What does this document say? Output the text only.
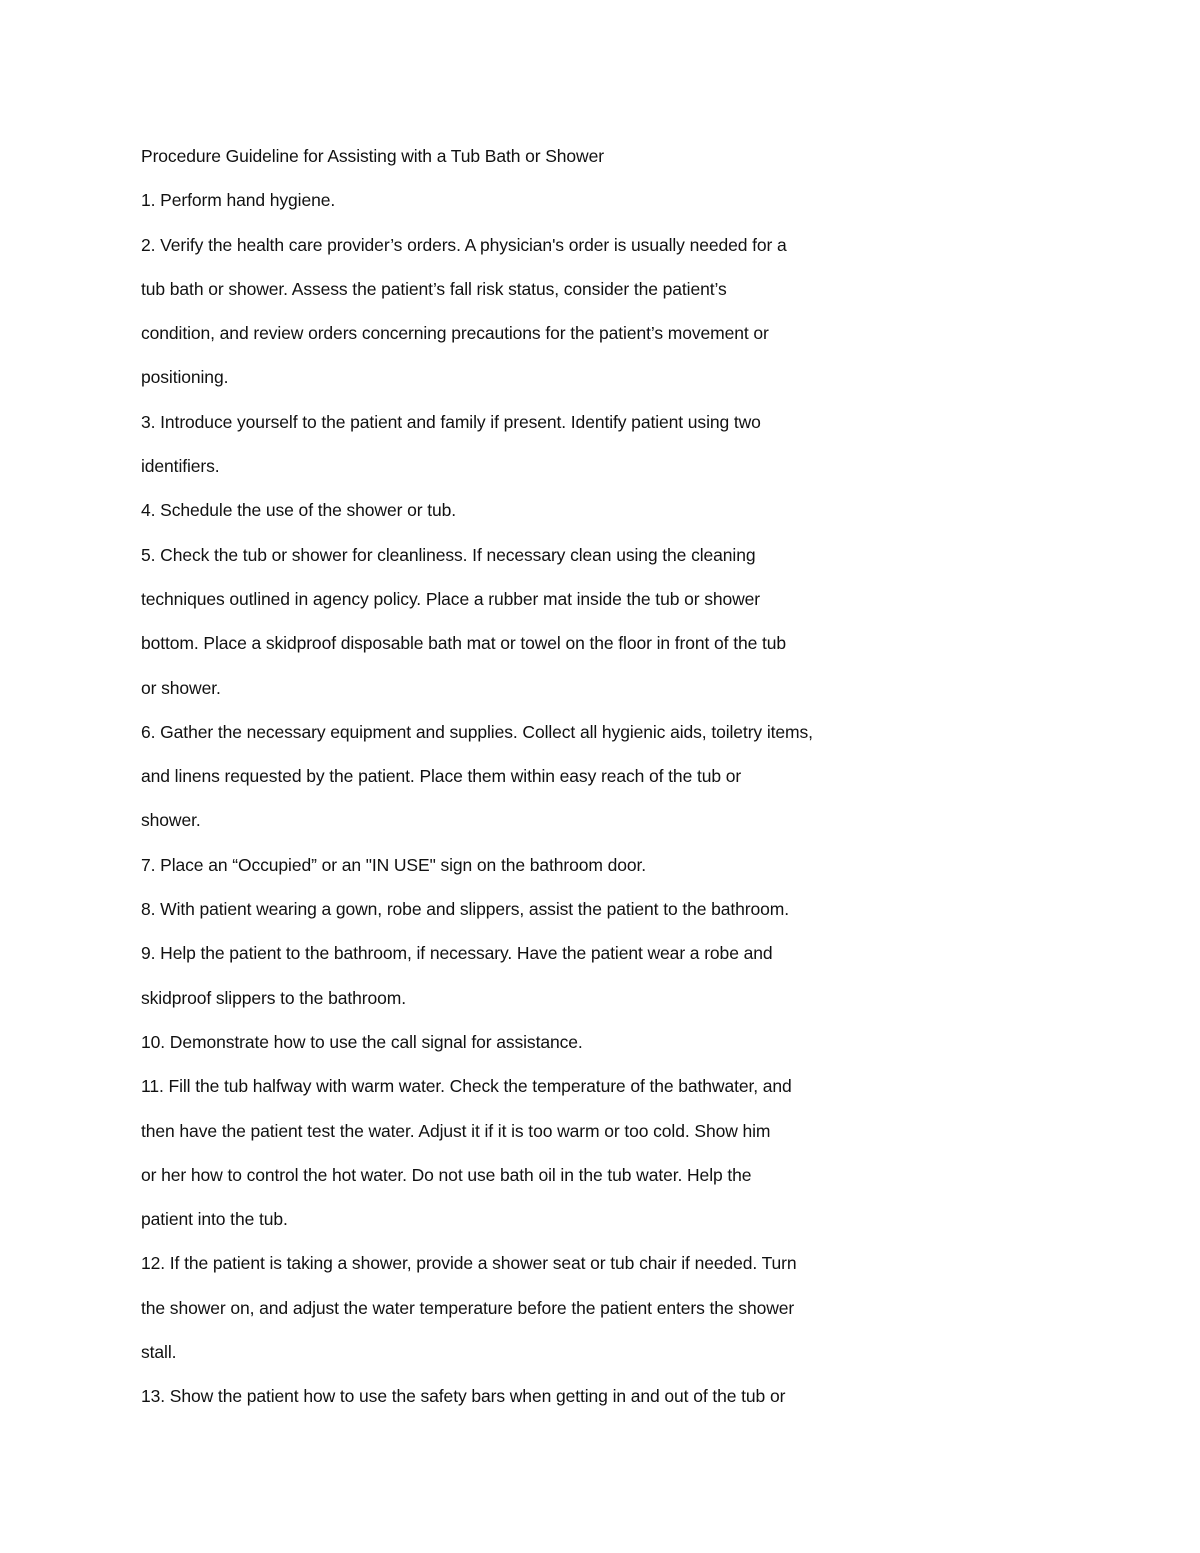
Procedure Guideline for Assisting with a Tub Bath or Shower
1. Perform hand hygiene.
2. Verify the health care provider’s orders. A physician's order is usually needed for a
tub bath or shower. Assess the patient’s fall risk status, consider the patient’s
condition, and review orders concerning precautions for the patient’s movement or
positioning.
3. Introduce yourself to the patient and family if present. Identify patient using two
identifiers.
4. Schedule the use of the shower or tub.
5. Check the tub or shower for cleanliness. If necessary clean using the cleaning
techniques outlined in agency policy. Place a rubber mat inside the tub or shower
bottom. Place a skidproof disposable bath mat or towel on the floor in front of the tub
or shower.
6. Gather the necessary equipment and supplies. Collect all hygienic aids, toiletry items,
and linens requested by the patient. Place them within easy reach of the tub or
shower.
7. Place an “Occupied” or an "IN USE" sign on the bathroom door.
8. With patient wearing a gown, robe and slippers, assist the patient to the bathroom.
9. Help the patient to the bathroom, if necessary. Have the patient wear a robe and
skidproof slippers to the bathroom.
10. Demonstrate how to use the call signal for assistance.
11. Fill the tub halfway with warm water. Check the temperature of the bathwater, and
then have the patient test the water. Adjust it if it is too warm or too cold. Show him
or her how to control the hot water. Do not use bath oil in the tub water. Help the
patient into the tub.
12. If the patient is taking a shower, provide a shower seat or tub chair if needed. Turn
the shower on, and adjust the water temperature before the patient enters the shower
stall.
13. Show the patient how to use the safety bars when getting in and out of the tub or
